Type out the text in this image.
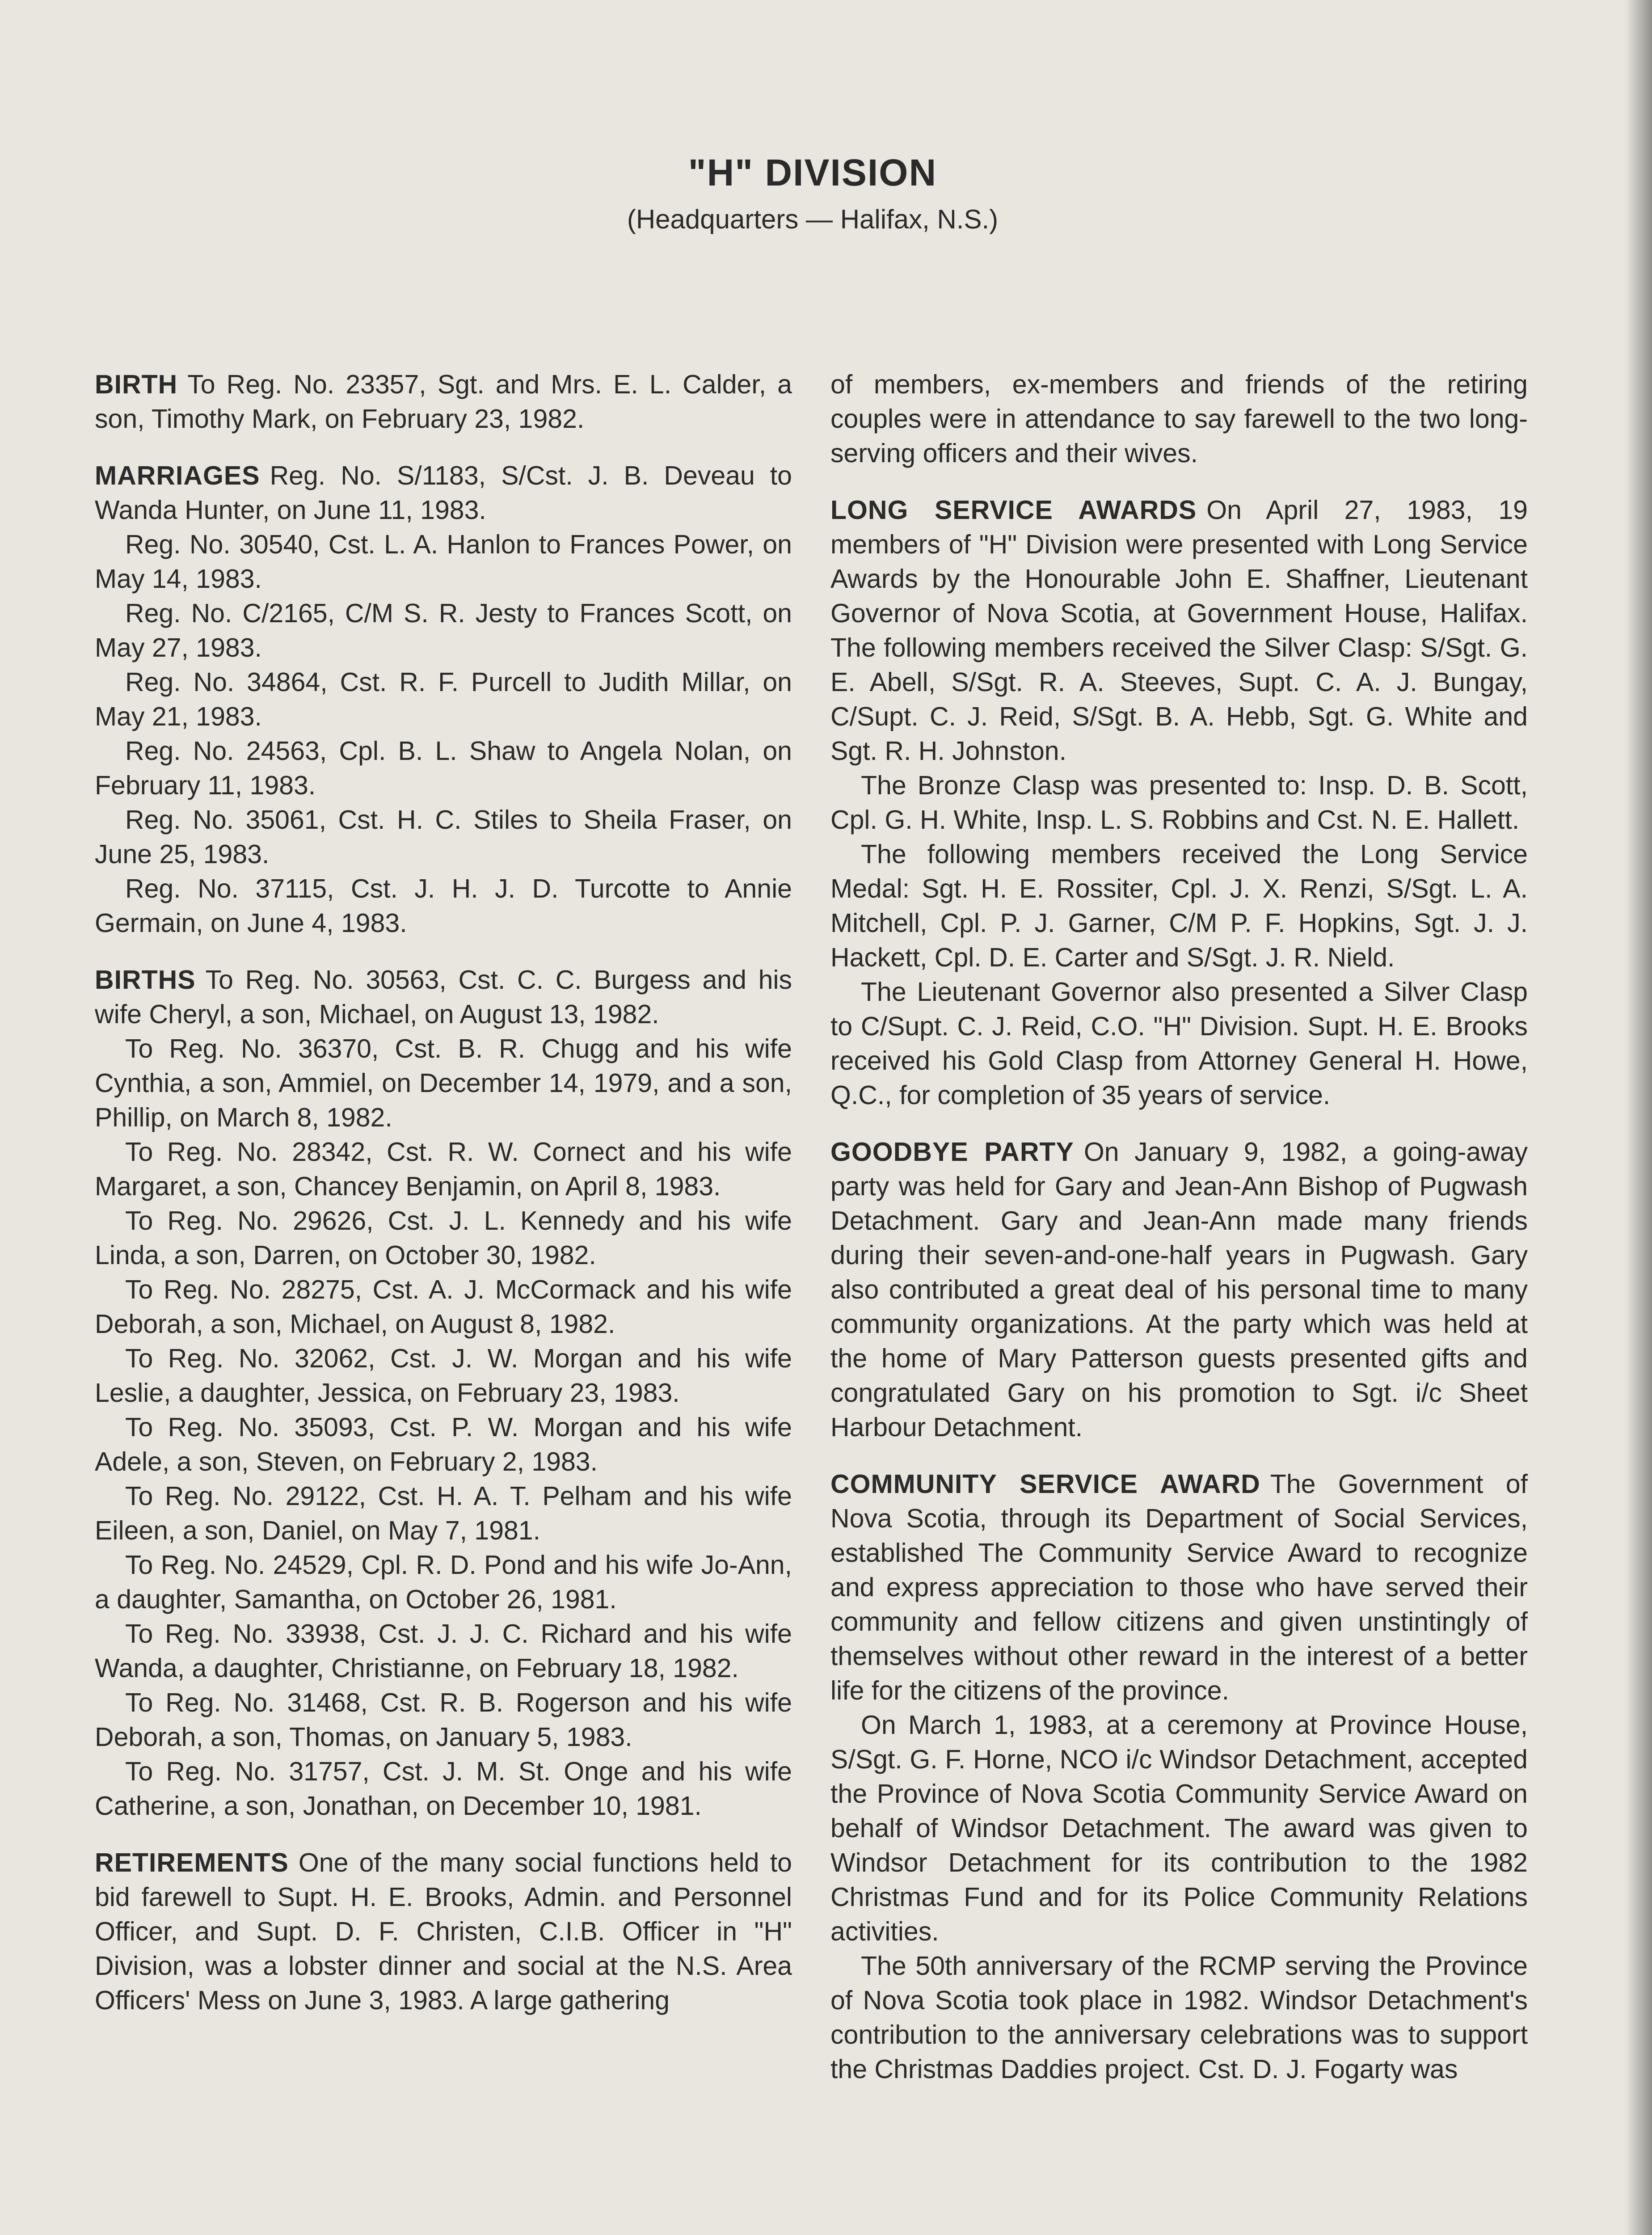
"H" DIVISION
(Headquarters — Halifax, N.S.)

BIRTH To Reg. No. 23357, Sgt. and Mrs. E. L. Calder, a son, Timothy Mark, on February 23, 1982.

MARRIAGES Reg. No. S/1183, S/Cst. J. B. Deveau to Wanda Hunter, on June 11, 1983.

Reg. No. 30540, Cst. L. A. Hanlon to Frances Power, on May 14, 1983.

Reg. No. C/2165, C/M S. R. Jesty to Frances Scott, on May 27, 1983.

Reg. No. 34864, Cst. R. F. Purcell to Judith Millar, on May 21, 1983.

Reg. No. 24563, Cpl. B. L. Shaw to Angela Nolan, on February 11, 1983.

Reg. No. 35061, Cst. H. C. Stiles to Sheila Fraser, on June 25, 1983.

Reg. No. 37115, Cst. J. H. J. D. Turcotte to Annie Germain, on June 4, 1983.

BIRTHS To Reg. No. 30563, Cst. C. C. Burgess and his wife Cheryl, a son, Michael, on August 13, 1982.

To Reg. No. 36370, Cst. B. R. Chugg and his wife Cynthia, a son, Ammiel, on December 14, 1979, and a son, Phillip, on March 8, 1982.

To Reg. No. 28342, Cst. R. W. Cornect and his wife Margaret, a son, Chancey Benjamin, on April 8, 1983.

To Reg. No. 29626, Cst. J. L. Kennedy and his wife Linda, a son, Darren, on October 30, 1982.

To Reg. No. 28275, Cst. A. J. McCormack and his wife Deborah, a son, Michael, on August 8, 1982.

To Reg. No. 32062, Cst. J. W. Morgan and his wife Leslie, a daughter, Jessica, on February 23, 1983.

To Reg. No. 35093, Cst. P. W. Morgan and his wife Adele, a son, Steven, on February 2, 1983.

To Reg. No. 29122, Cst. H. A. T. Pelham and his wife Eileen, a son, Daniel, on May 7, 1981.

To Reg. No. 24529, Cpl. R. D. Pond and his wife Jo-Ann, a daughter, Samantha, on October 26, 1981.

To Reg. No. 33938, Cst. J. J. C. Richard and his wife Wanda, a daughter, Christianne, on February 18, 1982.

To Reg. No. 31468, Cst. R. B. Rogerson and his wife Deborah, a son, Thomas, on January 5, 1983.

To Reg. No. 31757, Cst. J. M. St. Onge and his wife Catherine, a son, Jonathan, on December 10, 1981.

RETIREMENTS One of the many social functions held to bid farewell to Supt. H. E. Brooks, Admin. and Personnel Officer, and Supt. D. F. Christen, C.I.B. Officer in "H" Division, was a lobster dinner and social at the N.S. Area Officers' Mess on June 3, 1983. A large gathering

of members, ex-members and friends of the retiring couples were in attendance to say farewell to the two long-serving officers and their wives.

LONG SERVICE AWARDS On April 27, 1983, 19 members of "H" Division were presented with Long Service Awards by the Honourable John E. Shaffner, Lieutenant Governor of Nova Scotia, at Government House, Halifax. The following members received the Silver Clasp: S/Sgt. G. E. Abell, S/Sgt. R. A. Steeves, Supt. C. A. J. Bungay, C/Supt. C. J. Reid, S/Sgt. B. A. Hebb, Sgt. G. White and Sgt. R. H. Johnston.

The Bronze Clasp was presented to: Insp. D. B. Scott, Cpl. G. H. White, Insp. L. S. Robbins and Cst. N. E. Hallett.

The following members received the Long Service Medal: Sgt. H. E. Rossiter, Cpl. J. X. Renzi, S/Sgt. L. A. Mitchell, Cpl. P. J. Garner, C/M P. F. Hopkins, Sgt. J. J. Hackett, Cpl. D. E. Carter and S/Sgt. J. R. Nield.

The Lieutenant Governor also presented a Silver Clasp to C/Supt. C. J. Reid, C.O. "H" Division. Supt. H. E. Brooks received his Gold Clasp from Attorney General H. Howe, Q.C., for completion of 35 years of service.

GOODBYE PARTY On January 9, 1982, a going-away party was held for Gary and Jean-Ann Bishop of Pugwash Detachment. Gary and Jean-Ann made many friends during their seven-and-one-half years in Pugwash. Gary also contributed a great deal of his personal time to many community organizations. At the party which was held at the home of Mary Patterson guests presented gifts and congratulated Gary on his promotion to Sgt. i/c Sheet Harbour Detachment.

COMMUNITY SERVICE AWARD The Government of Nova Scotia, through its Department of Social Services, established The Community Service Award to recognize and express appreciation to those who have served their community and fellow citizens and given unstintingly of themselves without other reward in the interest of a better life for the citizens of the province.

On March 1, 1983, at a ceremony at Province House, S/Sgt. G. F. Horne, NCO i/c Windsor Detachment, accepted the Province of Nova Scotia Community Service Award on behalf of Windsor Detachment. The award was given to Windsor Detachment for its contribution to the 1982 Christmas Fund and for its Police Community Relations activities.

The 50th anniversary of the RCMP serving the Province of Nova Scotia took place in 1982. Windsor Detachment's contribution to the anniversary celebrations was to support the Christmas Daddies project. Cst. D. J. Fogarty was
